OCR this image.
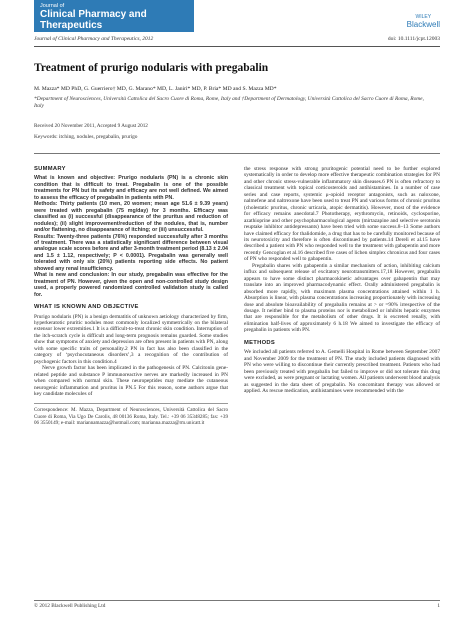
Journal of
Clinical Pharmacy and Therapeutics
WILEY
Blackwell
Journal of Clinical Pharmacy and Therapeutics, 2012	doi: 10.1111/jcpt.12003
Treatment of prurigo nodularis with pregabalin
M. Mazza* MD PhD, G. Guerriero† MD, G. Marano* MD, L. Janiri* MD, P. Bria* MD and S. Mazza MD*
*Department of Neurosciences, Università Cattolica del Sacro Cuore di Roma, Rome, Italy and †Department of Dermatology, Università Cattolica del Sacro Cuore di Roma, Rome, Italy
Received 20 November 2011, Accepted 9 August 2012
Keywords: itching, nodules, pregabalin, prurigo
SUMMARY

What is known and objective: Prurigo nodularis (PN) is a chronic skin condition that is difficult to treat. Pregabalin is one of the possible treatments for PN but its safety and efficacy are not well defined. We aimed to assess the efficacy of pregabalin in patients with PN.

Methods: Thirty patients (10 men, 20 women; mean age 51.6 ± 9.39 years) were treated with pregabalin (75 mg/day) for 3 months. Efficacy was classified as (i) successful (disappearance of the pruritus and reduction of nodules); (ii) slight improvement/reduction of the nodules, that is, number and/or flattening, no disappearance of itching; or (iii) unsuccessful.

Results: Twenty-three patients (76%) responded successfully after 3 months of treatment. There was a statistically significant difference between visual analogue scale scores before and after 3-month treatment period (8.13 ± 2.04 and 1.5 ± 1.12, respectively; P < 0.0001). Pregabalin was generally well tolerated with only six (20%) patients reporting side effects. No patient showed any renal insufficiency.

What is new and conclusion: In our study, pregabalin was effective for the treatment of PN. However, given the open and non-controlled study design used, a properly powered randomized controlled validation study is called for.

WHAT IS KNOWN AND OBJECTIVE

Prurigo nodularis (PN) is a benign dermatitis of unknown aetiology characterized by firm, hyperkeratotic pruritic nodules most commonly localized symmetrically on the bilateral extensor lower extremities.1 It is a difficult-to-treat chronic skin condition. Interruption of the itch-scratch cycle is difficult and long-term prognosis remains guarded. Some studies show that symptoms of anxiety and depression are often present in patients with PN, along with some specific traits of personality.2 PN in fact has also been classified in the category of ‘psychocutaneous disorders’,3 a recognition of the contribution of psychogenic factors in this condition.4

Nerve growth factor has been implicated in the pathogenesis of PN. Calcitonin gene-related peptide and substance P immunoreactive nerves are markedly increased in PN when compared with normal skin. These neuropeptides may mediate the cutaneous neurogenic inflammation and pruritus in PN.5 For this reason, some authors argue that key candidate molecules of

Correspondence: M. Mazza, Department of Neurosciences, Università Cattolica del Sacro Cuore di Roma, Via Ugo De Carolis, 48 00136 Roma, Italy. Tel.: +39 06 35348285; fax: +39 06 3550149; e-mail: mariannamazza@hotmail.com; marianna.mazza@rm.unicatt.it

the stress response with strong pruritogenic potential need to be further explored systematically in order to develop more effective therapeutic combination strategies for PN and other chronic stress-vulnerable inflammatory skin diseases.6 PN is often refractory to classical treatment with topical corticosteroids and antihistamines. In a number of case series and case reports, systemic μ-opioid receptor antagonists, such as naloxone, nalmefene and naltrexone have been used to treat PN and various forms of chronic pruritus (cholestatic pruritus, chronic urticaria, atopic dermatitis). However, most of the evidence for efficacy remains anecdotal.7 Phototherapy, erythromycin, retinoids, cyclosporine, azathioprine and other psychopharmacological agents (mirtazapine and selective serotonin reuptake inhibitor antidepressants) have been tried with some success.8–13 Some authors have claimed efficacy for thalidomide, a drug that has to be carefully monitored because of its neurotoxicity and therefore is often discontinued by patients.14 Dereli et al.15 have described a patient with PN who responded well to the treatment with gabapentin and more recently Gencoglan et al.16 described five cases of lichen simplex chronicus and four cases of PN who responded well to gabapentin.

Pregabalin shares with gabapentin a similar mechanism of action, inhibiting calcium influx and subsequent release of excitatory neurotransmitters.17,18 However, pregabalin appears to have some distinct pharmacokinetic advantages over gabapentin that may translate into an improved pharmacodynamic effect. Orally administered pregabalin is absorbed more rapidly, with maximum plasma concentrations attained within 1 h. Absorption is linear, with plasma concentrations increasing proportionately with increasing dose and absolute bioavailability of pregabalin remains at > or =90% irrespective of the dosage. It neither bind to plasma proteins nor is metabolized or inhibits hepatic enzymes that are responsible for the metabolism of other drugs. It is excreted renally, with elimination half-lives of approximately 6 h.18 We aimed to investigate the efficacy of pregabalin in patients with PN.

METHODS

We included all patients referred to A. Gemelli Hospital in Rome between September 2007 and November 2009 for the treatment of PN. The study included patients diagnosed with PN who were willing to discontinue their currently prescribed treatment. Patients who had been previously treated with pregabalin but failed to improve or did not tolerate this drug were excluded, as were pregnant or lactating women. All patients underwent blood analysis as suggested in the data sheet of pregabalin. No concomitant therapy was allowed or applied. As rescue medication, antihistamines were recommended with the

© 2012 Blackwell Publishing Ltd	1
